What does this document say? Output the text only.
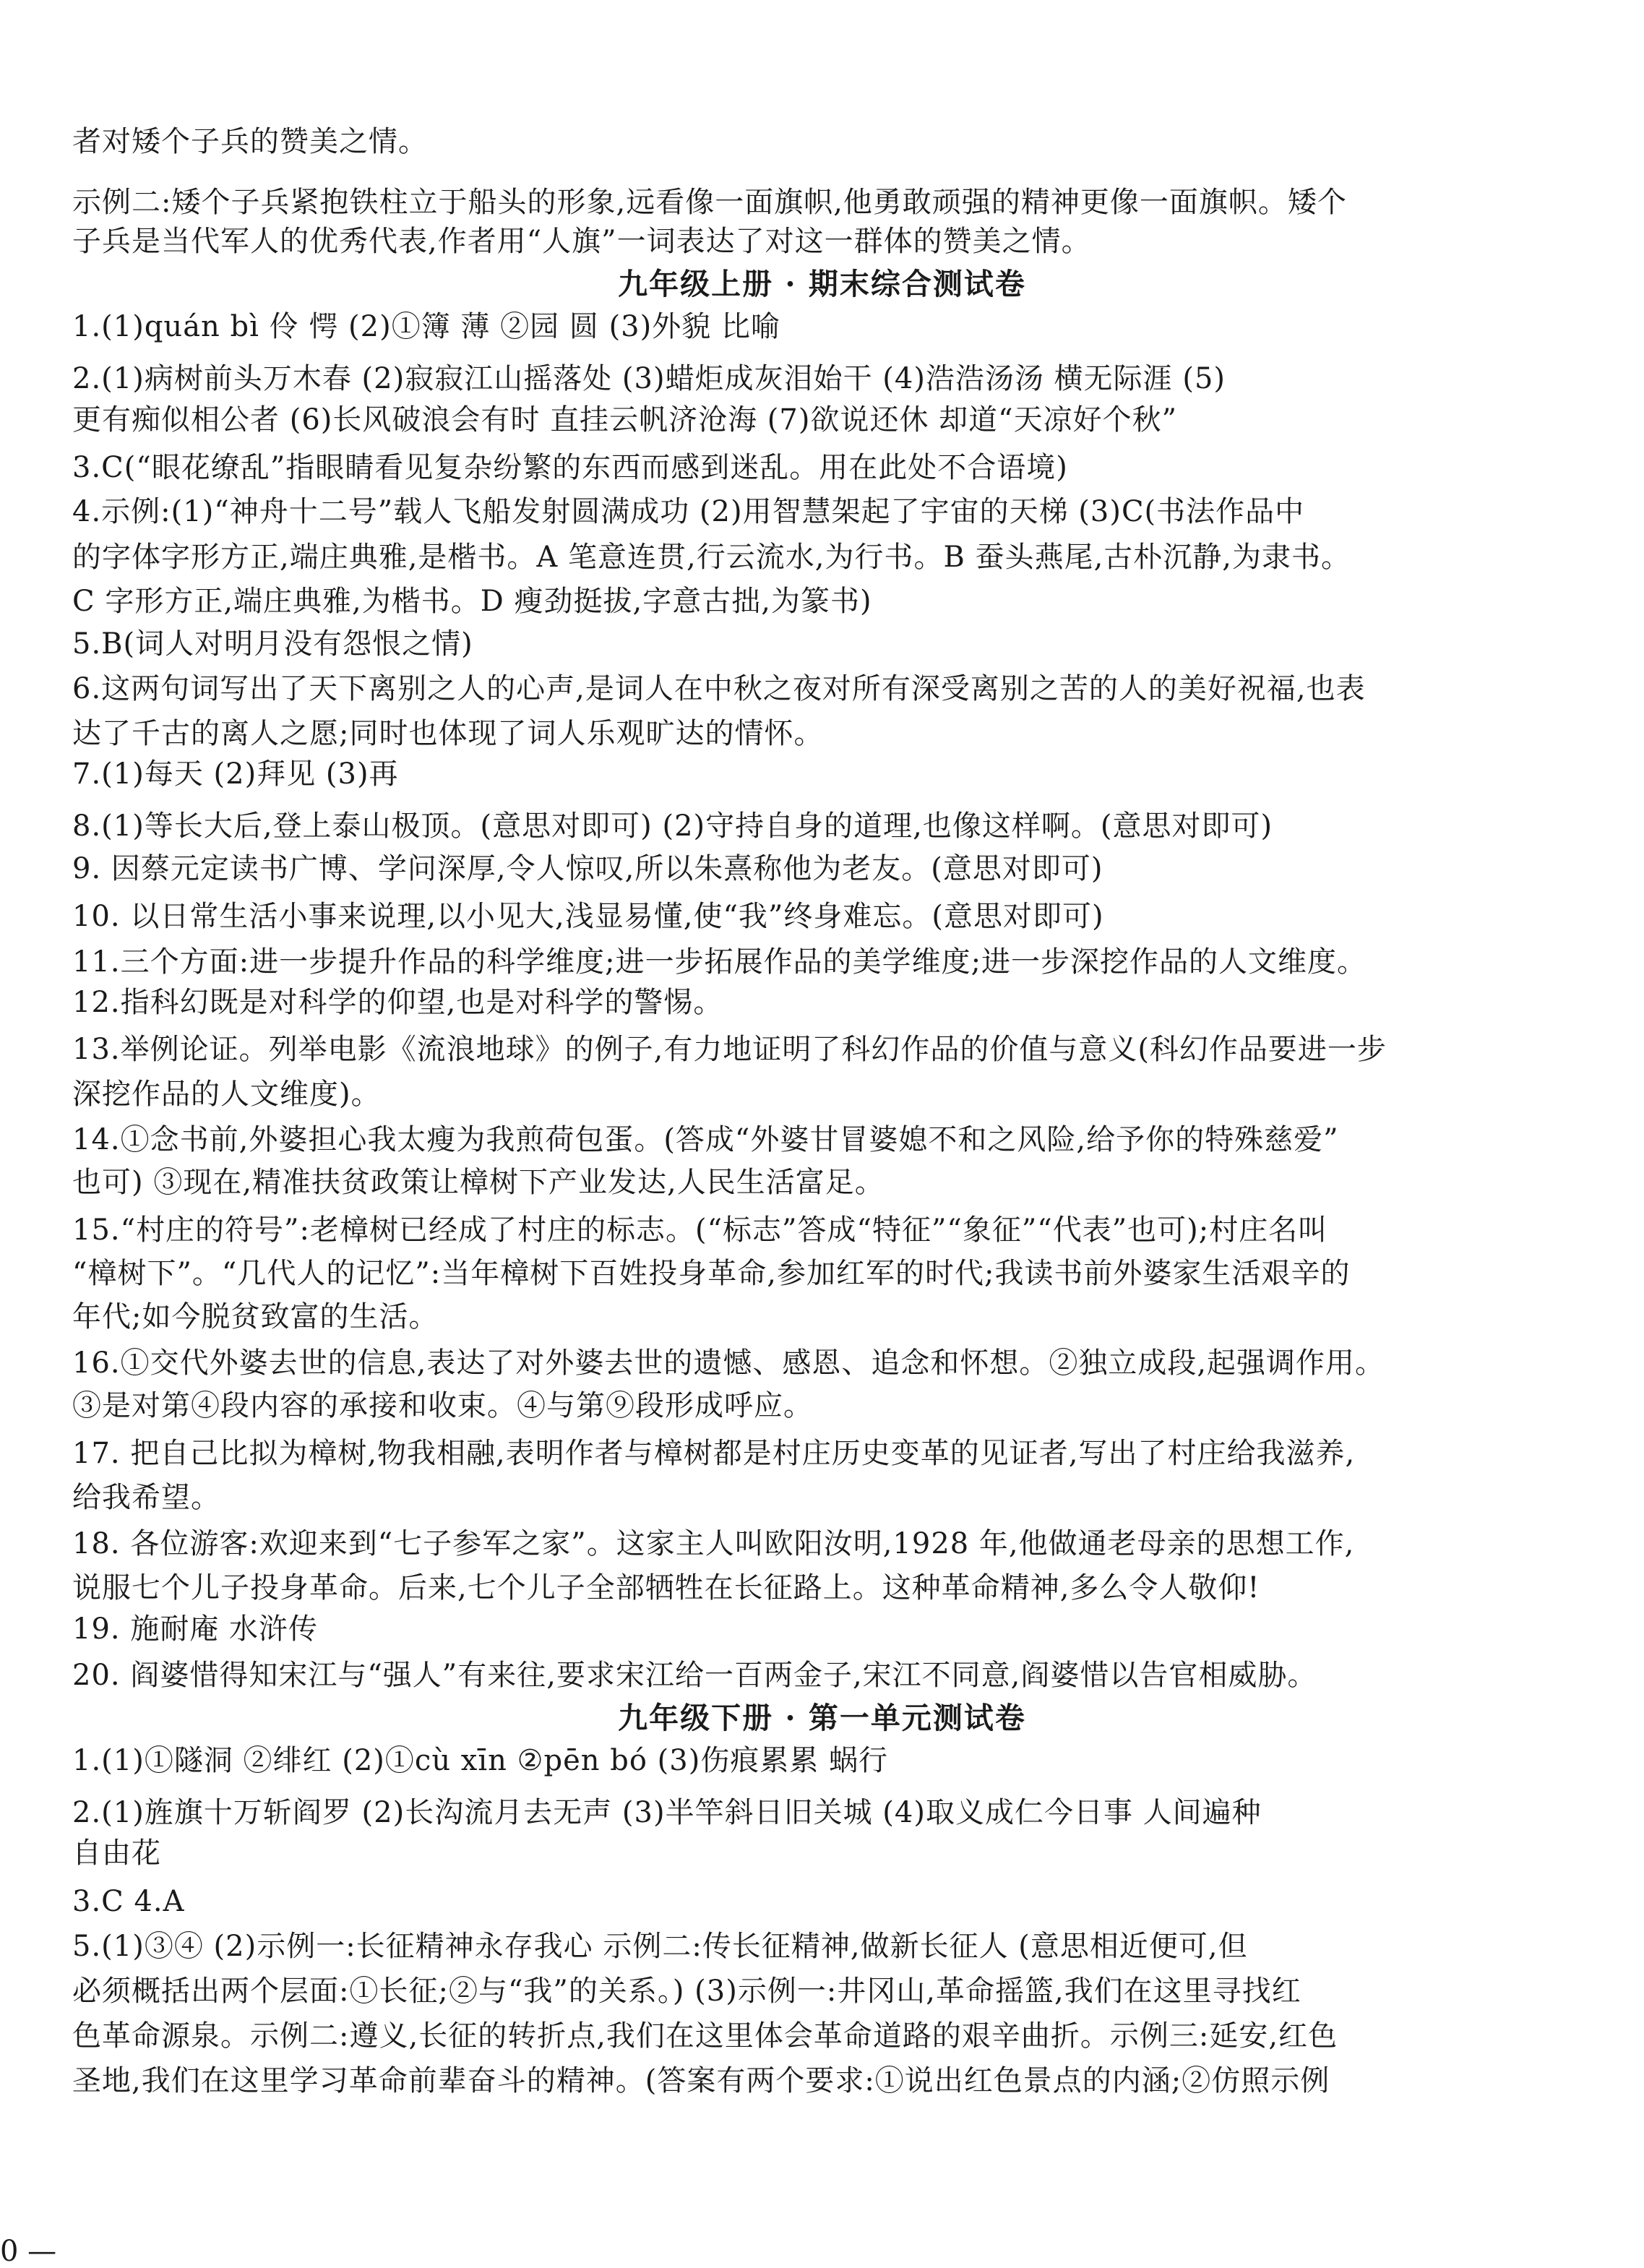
者对矮个子兵的赞美之情。
示例二:矮个子兵紧抱铁柱立于船头的形象,远看像一面旗帜,他勇敢顽强的精神更像一面旗帜。矮个
子兵是当代军人的优秀代表,作者用“人旗”一词表达了对这一群体的赞美之情。
九年级上册 · 期末综合测试卷
1.(1)quán bì 伶 愕 (2)①簿 薄 ②园 圆 (3)外貌 比喻
2.(1)病树前头万木春 (2)寂寂江山摇落处 (3)蜡炬成灰泪始干 (4)浩浩汤汤 横无际涯 (5)
更有痴似相公者 (6)长风破浪会有时 直挂云帆济沧海 (7)欲说还休 却道“天凉好个秋”
3.C(“眼花缭乱”指眼睛看见复杂纷繁的东西而感到迷乱。用在此处不合语境)
4.示例:(1)“神舟十二号”载人飞船发射圆满成功 (2)用智慧架起了宇宙的天梯 (3)C(书法作品中
的字体字形方正,端庄典雅,是楷书。A 笔意连贯,行云流水,为行书。B 蚕头燕尾,古朴沉静,为隶书。
C 字形方正,端庄典雅,为楷书。D 瘦劲挺拔,字意古拙,为篆书)
5.B(词人对明月没有怨恨之情)
6.这两句词写出了天下离别之人的心声,是词人在中秋之夜对所有深受离别之苦的人的美好祝福,也表
达了千古的离人之愿;同时也体现了词人乐观旷达的情怀。
7.(1)每天 (2)拜见 (3)再
8.(1)等长大后,登上泰山极顶。(意思对即可) (2)守持自身的道理,也像这样啊。(意思对即可)
9. 因蔡元定读书广博、学问深厚,令人惊叹,所以朱熹称他为老友。(意思对即可)
10. 以日常生活小事来说理,以小见大,浅显易懂,使“我”终身难忘。(意思对即可)
11.三个方面:进一步提升作品的科学维度;进一步拓展作品的美学维度;进一步深挖作品的人文维度。
12.指科幻既是对科学的仰望,也是对科学的警惕。
13.举例论证。列举电影《流浪地球》的例子,有力地证明了科幻作品的价值与意义(科幻作品要进一步
深挖作品的人文维度)。
14.①念书前,外婆担心我太瘦为我煎荷包蛋。(答成“外婆甘冒婆媳不和之风险,给予你的特殊慈爱”
也可) ③现在,精准扶贫政策让樟树下产业发达,人民生活富足。
15.“村庄的符号”:老樟树已经成了村庄的标志。(“标志”答成“特征”“象征”“代表”也可);村庄名叫
“樟树下”。“几代人的记忆”:当年樟树下百姓投身革命,参加红军的时代;我读书前外婆家生活艰辛的
年代;如今脱贫致富的生活。
16.①交代外婆去世的信息,表达了对外婆去世的遗憾、感恩、追念和怀想。②独立成段,起强调作用。
③是对第④段内容的承接和收束。④与第⑨段形成呼应。
17. 把自己比拟为樟树,物我相融,表明作者与樟树都是村庄历史变革的见证者,写出了村庄给我滋养,
给我希望。
18. 各位游客:欢迎来到“七子参军之家”。这家主人叫欧阳汝明,1928 年,他做通老母亲的思想工作,
说服七个儿子投身革命。后来,七个儿子全部牺牲在长征路上。这种革命精神,多么令人敬仰!
19. 施耐庵 水浒传
20. 阎婆惜得知宋江与“强人”有来往,要求宋江给一百两金子,宋江不同意,阎婆惜以告官相威胁。
九年级下册 · 第一单元测试卷
1.(1)①隧洞 ②绯红 (2)①cù xīn ②pēn bó (3)伤痕累累 蜗行
2.(1)旌旗十万斩阎罗 (2)长沟流月去无声 (3)半竿斜日旧关城 (4)取义成仁今日事 人间遍种
自由花
3.C 4.A
5.(1)③④ (2)示例一:长征精神永存我心 示例二:传长征精神,做新长征人 (意思相近便可,但
必须概括出两个层面:①长征;②与“我”的关系。) (3)示例一:井冈山,革命摇篮,我们在这里寻找红
色革命源泉。示例二:遵义,长征的转折点,我们在这里体会革命道路的艰辛曲折。示例三:延安,红色
圣地,我们在这里学习革命前辈奋斗的精神。(答案有两个要求:①说出红色景点的内涵;②仿照示例
0 —
